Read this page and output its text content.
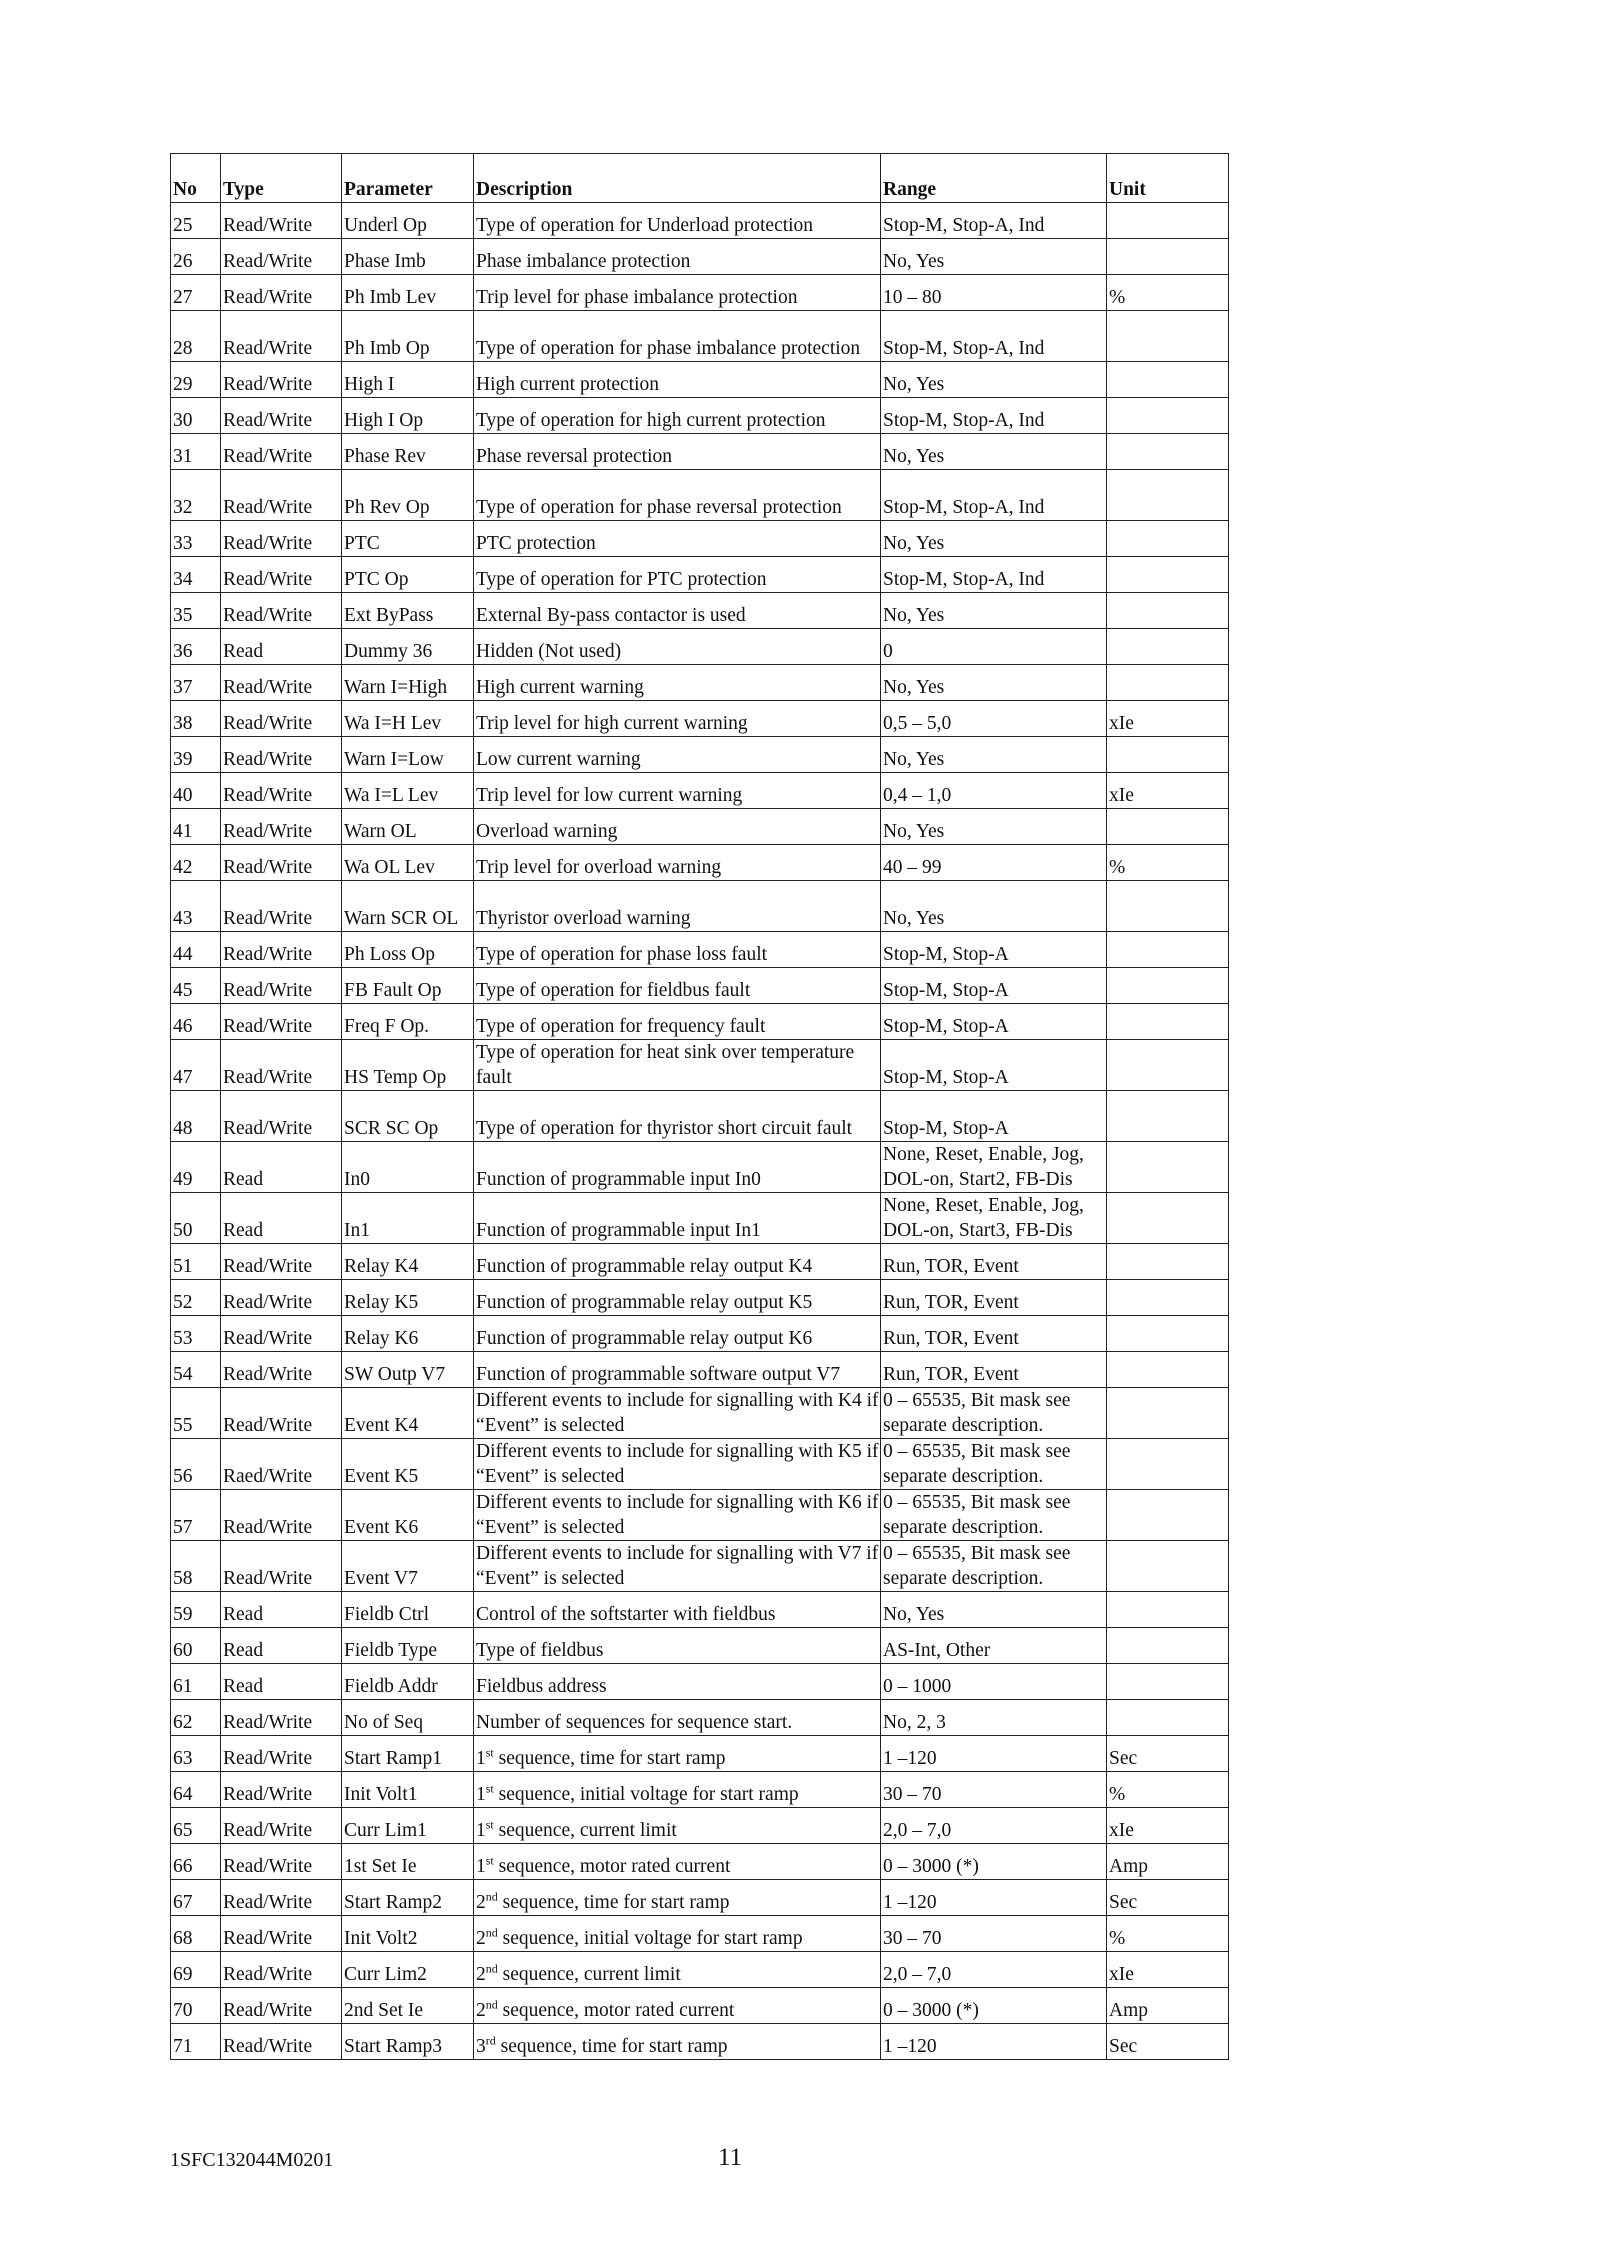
No	Type	Parameter	Description	Range	Unit
25	Read/Write	Underl Op	Type of operation for Underload protection	Stop-M, Stop-A, Ind	
26	Read/Write	Phase Imb	Phase imbalance protection	No, Yes	
27	Read/Write	Ph Imb Lev	Trip level for phase imbalance protection	10 – 80	%
28	Read/Write	Ph Imb Op	Type of operation for phase imbalance protection	Stop-M, Stop-A, Ind	
29	Read/Write	High I	High current protection	No, Yes	
30	Read/Write	High I Op	Type of operation for high current protection	Stop-M, Stop-A, Ind	
31	Read/Write	Phase Rev	Phase reversal protection	No, Yes	
32	Read/Write	Ph Rev Op	Type of operation for phase reversal protection	Stop-M, Stop-A, Ind	
33	Read/Write	PTC	PTC protection	No, Yes	
34	Read/Write	PTC Op	Type of operation for PTC protection	Stop-M, Stop-A, Ind	
35	Read/Write	Ext ByPass	External By-pass contactor is used	No, Yes	
36	Read	Dummy 36	Hidden (Not used)	0	
37	Read/Write	Warn I=High	High current warning	No, Yes	
38	Read/Write	Wa I=H Lev	Trip level for high current warning	0,5 – 5,0	xIe
39	Read/Write	Warn I=Low	Low current warning	No, Yes	
40	Read/Write	Wa I=L Lev	Trip level for low current warning	0,4 – 1,0	xIe
41	Read/Write	Warn OL	Overload warning	No, Yes	
42	Read/Write	Wa OL Lev	Trip level for overload warning	40 – 99	%
43	Read/Write	Warn SCR OL	Thyristor overload warning	No, Yes	
44	Read/Write	Ph Loss Op	Type of operation for phase loss fault	Stop-M, Stop-A	
45	Read/Write	FB Fault Op	Type of operation for fieldbus fault	Stop-M, Stop-A	
46	Read/Write	Freq F Op.	Type of operation for frequency fault	Stop-M, Stop-A	
47	Read/Write	HS Temp Op	Type of operation for heat sink over temperature fault	Stop-M, Stop-A	
48	Read/Write	SCR SC Op	Type of operation for thyristor short circuit fault	Stop-M, Stop-A	
49	Read	In0	Function of programmable input In0	None, Reset, Enable, Jog, DOL-on, Start2, FB-Dis	
50	Read	In1	Function of programmable input In1	None, Reset, Enable, Jog, DOL-on, Start3, FB-Dis	
51	Read/Write	Relay K4	Function of programmable relay output K4	Run, TOR, Event	
52	Read/Write	Relay K5	Function of programmable relay output K5	Run, TOR, Event	
53	Read/Write	Relay K6	Function of programmable relay output K6	Run, TOR, Event	
54	Read/Write	SW Outp V7	Function of programmable software output V7	Run, TOR, Event	
55	Read/Write	Event K4	Different events to include for signalling with K4 if “Event” is selected	0 – 65535, Bit mask see separate description.	
56	Raed/Write	Event K5	Different events to include for signalling with K5 if “Event” is selected	0 – 65535, Bit mask see separate description.	
57	Read/Write	Event K6	Different events to include for signalling with K6 if “Event” is selected	0 – 65535, Bit mask see separate description.	
58	Read/Write	Event V7	Different events to include for signalling with V7 if “Event” is selected	0 – 65535, Bit mask see separate description.	
59	Read	Fieldb Ctrl	Control of the softstarter with fieldbus	No, Yes	
60	Read	Fieldb Type	Type of fieldbus	AS-Int, Other	
61	Read	Fieldb Addr	Fieldbus address	0 – 1000	
62	Read/Write	No of Seq	Number of sequences for sequence start.	No, 2, 3	
63	Read/Write	Start Ramp1	1st sequence, time for start ramp	1 –120	Sec
64	Read/Write	Init Volt1	1st sequence, initial voltage for start ramp	30 – 70	%
65	Read/Write	Curr Lim1	1st sequence, current limit	2,0 – 7,0	xIe
66	Read/Write	1st Set Ie	1st sequence, motor rated current	0 – 3000 (*)	Amp
67	Read/Write	Start Ramp2	2nd sequence, time for start ramp	1 –120	Sec
68	Read/Write	Init Volt2	2nd sequence, initial voltage for start ramp	30 – 70	%
69	Read/Write	Curr Lim2	2nd sequence, current limit	2,0 – 7,0	xIe
70	Read/Write	2nd Set Ie	2nd sequence, motor rated current	0 – 3000 (*)	Amp
71	Read/Write	Start Ramp3	3rd sequence, time for start ramp	1 –120	Sec
1SFC132044M0201	11
